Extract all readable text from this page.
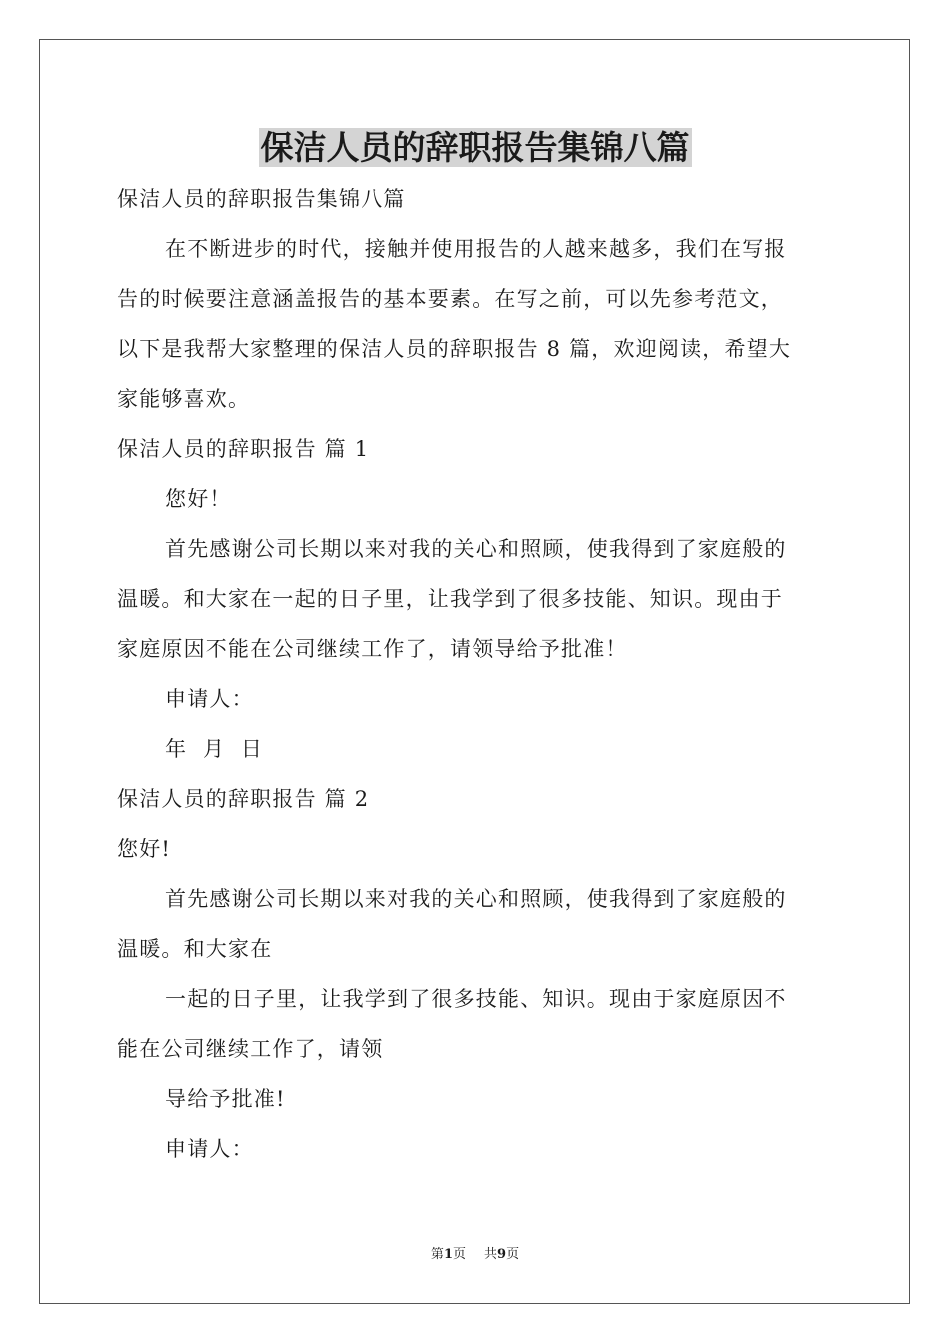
保洁人员的辞职报告集锦八篇

保洁人员的辞职报告集锦八篇

在不断进步的时代，接触并使用报告的人越来越多，我们在写报

告的时候要注意涵盖报告的基本要素。在写之前，可以先参考范文，

以下是我帮大家整理的保洁人员的辞职报告 8 篇，欢迎阅读，希望大

家能够喜欢。

保洁人员的辞职报告 篇 1

您好！

首先感谢公司长期以来对我的关心和照顾，使我得到了家庭般的

温暖。和大家在一起的日子里，让我学到了很多技能、知识。现由于

家庭原因不能在公司继续工作了，请领导给予批准！

申请人：

年  月  日

保洁人员的辞职报告 篇 2

您好!

首先感谢公司长期以来对我的关心和照顾，使我得到了家庭般的

温暖。和大家在

一起的日子里，让我学到了很多技能、知识。现由于家庭原因不

能在公司继续工作了，请领

导给予批准!

申请人：

第1页 共9页
